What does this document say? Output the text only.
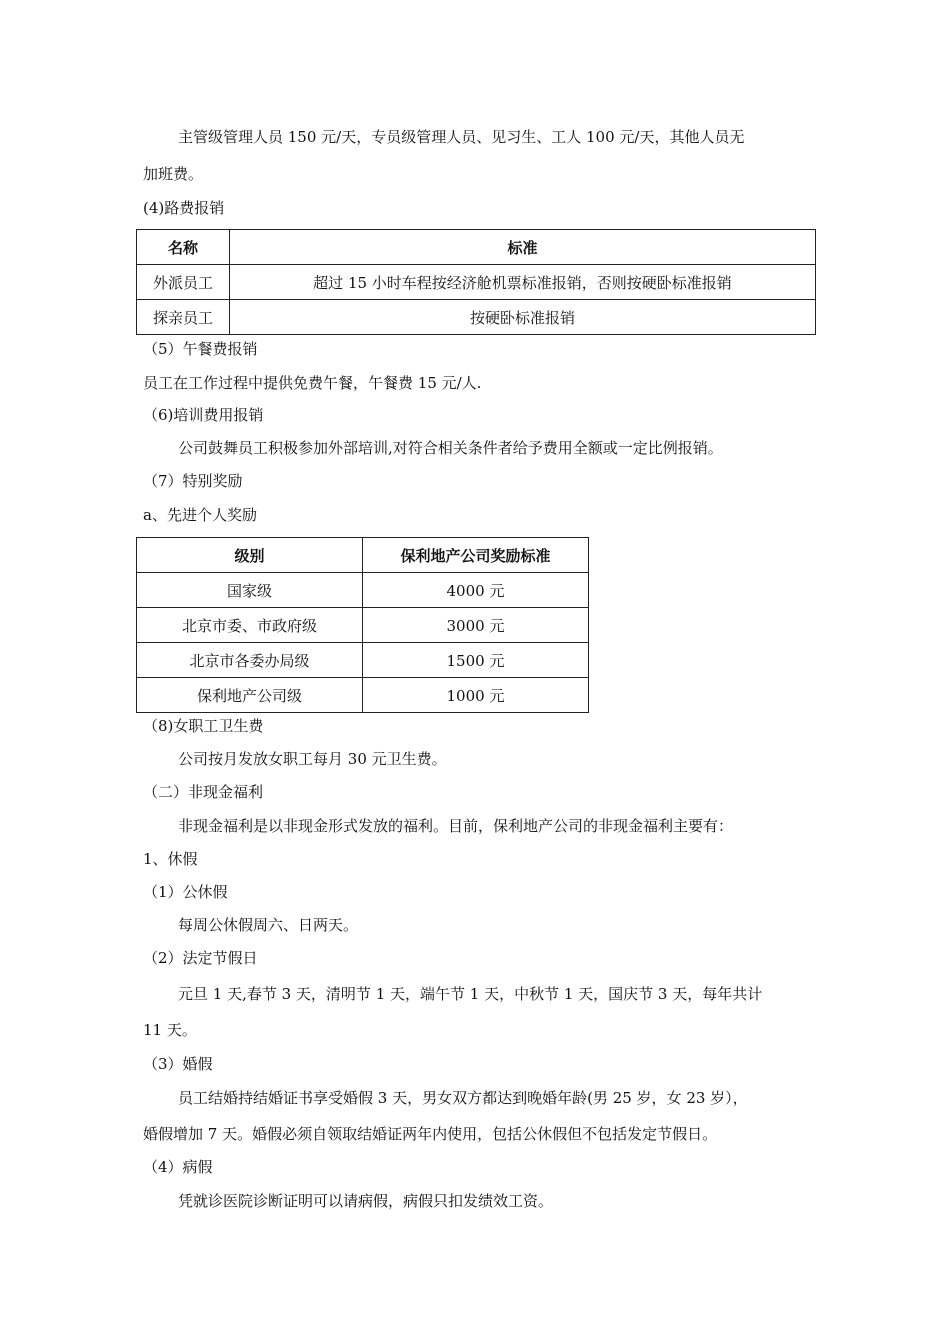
主管级管理人员 150 元/天，专员级管理人员、见习生、工人 100 元/天，其他人员无
加班费。
(4)路费报销
名称	标准
外派员工	超过 15 小时车程按经济舱机票标准报销，否则按硬卧标准报销
探亲员工	按硬卧标准报销
（5）午餐费报销
员工在工作过程中提供免费午餐，午餐费 15 元/人.
（6)培训费用报销
公司鼓舞员工积极参加外部培训,对符合相关条件者给予费用全额或一定比例报销。
（7）特别奖励
a、先进个人奖励
级别	保利地产公司奖励标准
国家级	4000 元
北京市委、市政府级	3000 元
北京市各委办局级	1500 元
保利地产公司级	1000 元
（8)女职工卫生费
公司按月发放女职工每月 30 元卫生费。
（二）非现金福利
非现金福利是以非现金形式发放的福利。目前，保利地产公司的非现金福利主要有：
1、休假
（1）公休假
每周公休假周六、日两天。
（2）法定节假日
元旦 1 天,春节 3 天，清明节 1 天，端午节 1 天，中秋节 1 天，国庆节 3 天，每年共计
11 天。
（3）婚假
员工结婚持结婚证书享受婚假 3 天，男女双方都达到晚婚年龄(男 25 岁，女 23 岁），
婚假增加 7 天。婚假必须自领取结婚证两年内使用，包括公休假但不包括发定节假日。
（4）病假
凭就诊医院诊断证明可以请病假，病假只扣发绩效工资。
